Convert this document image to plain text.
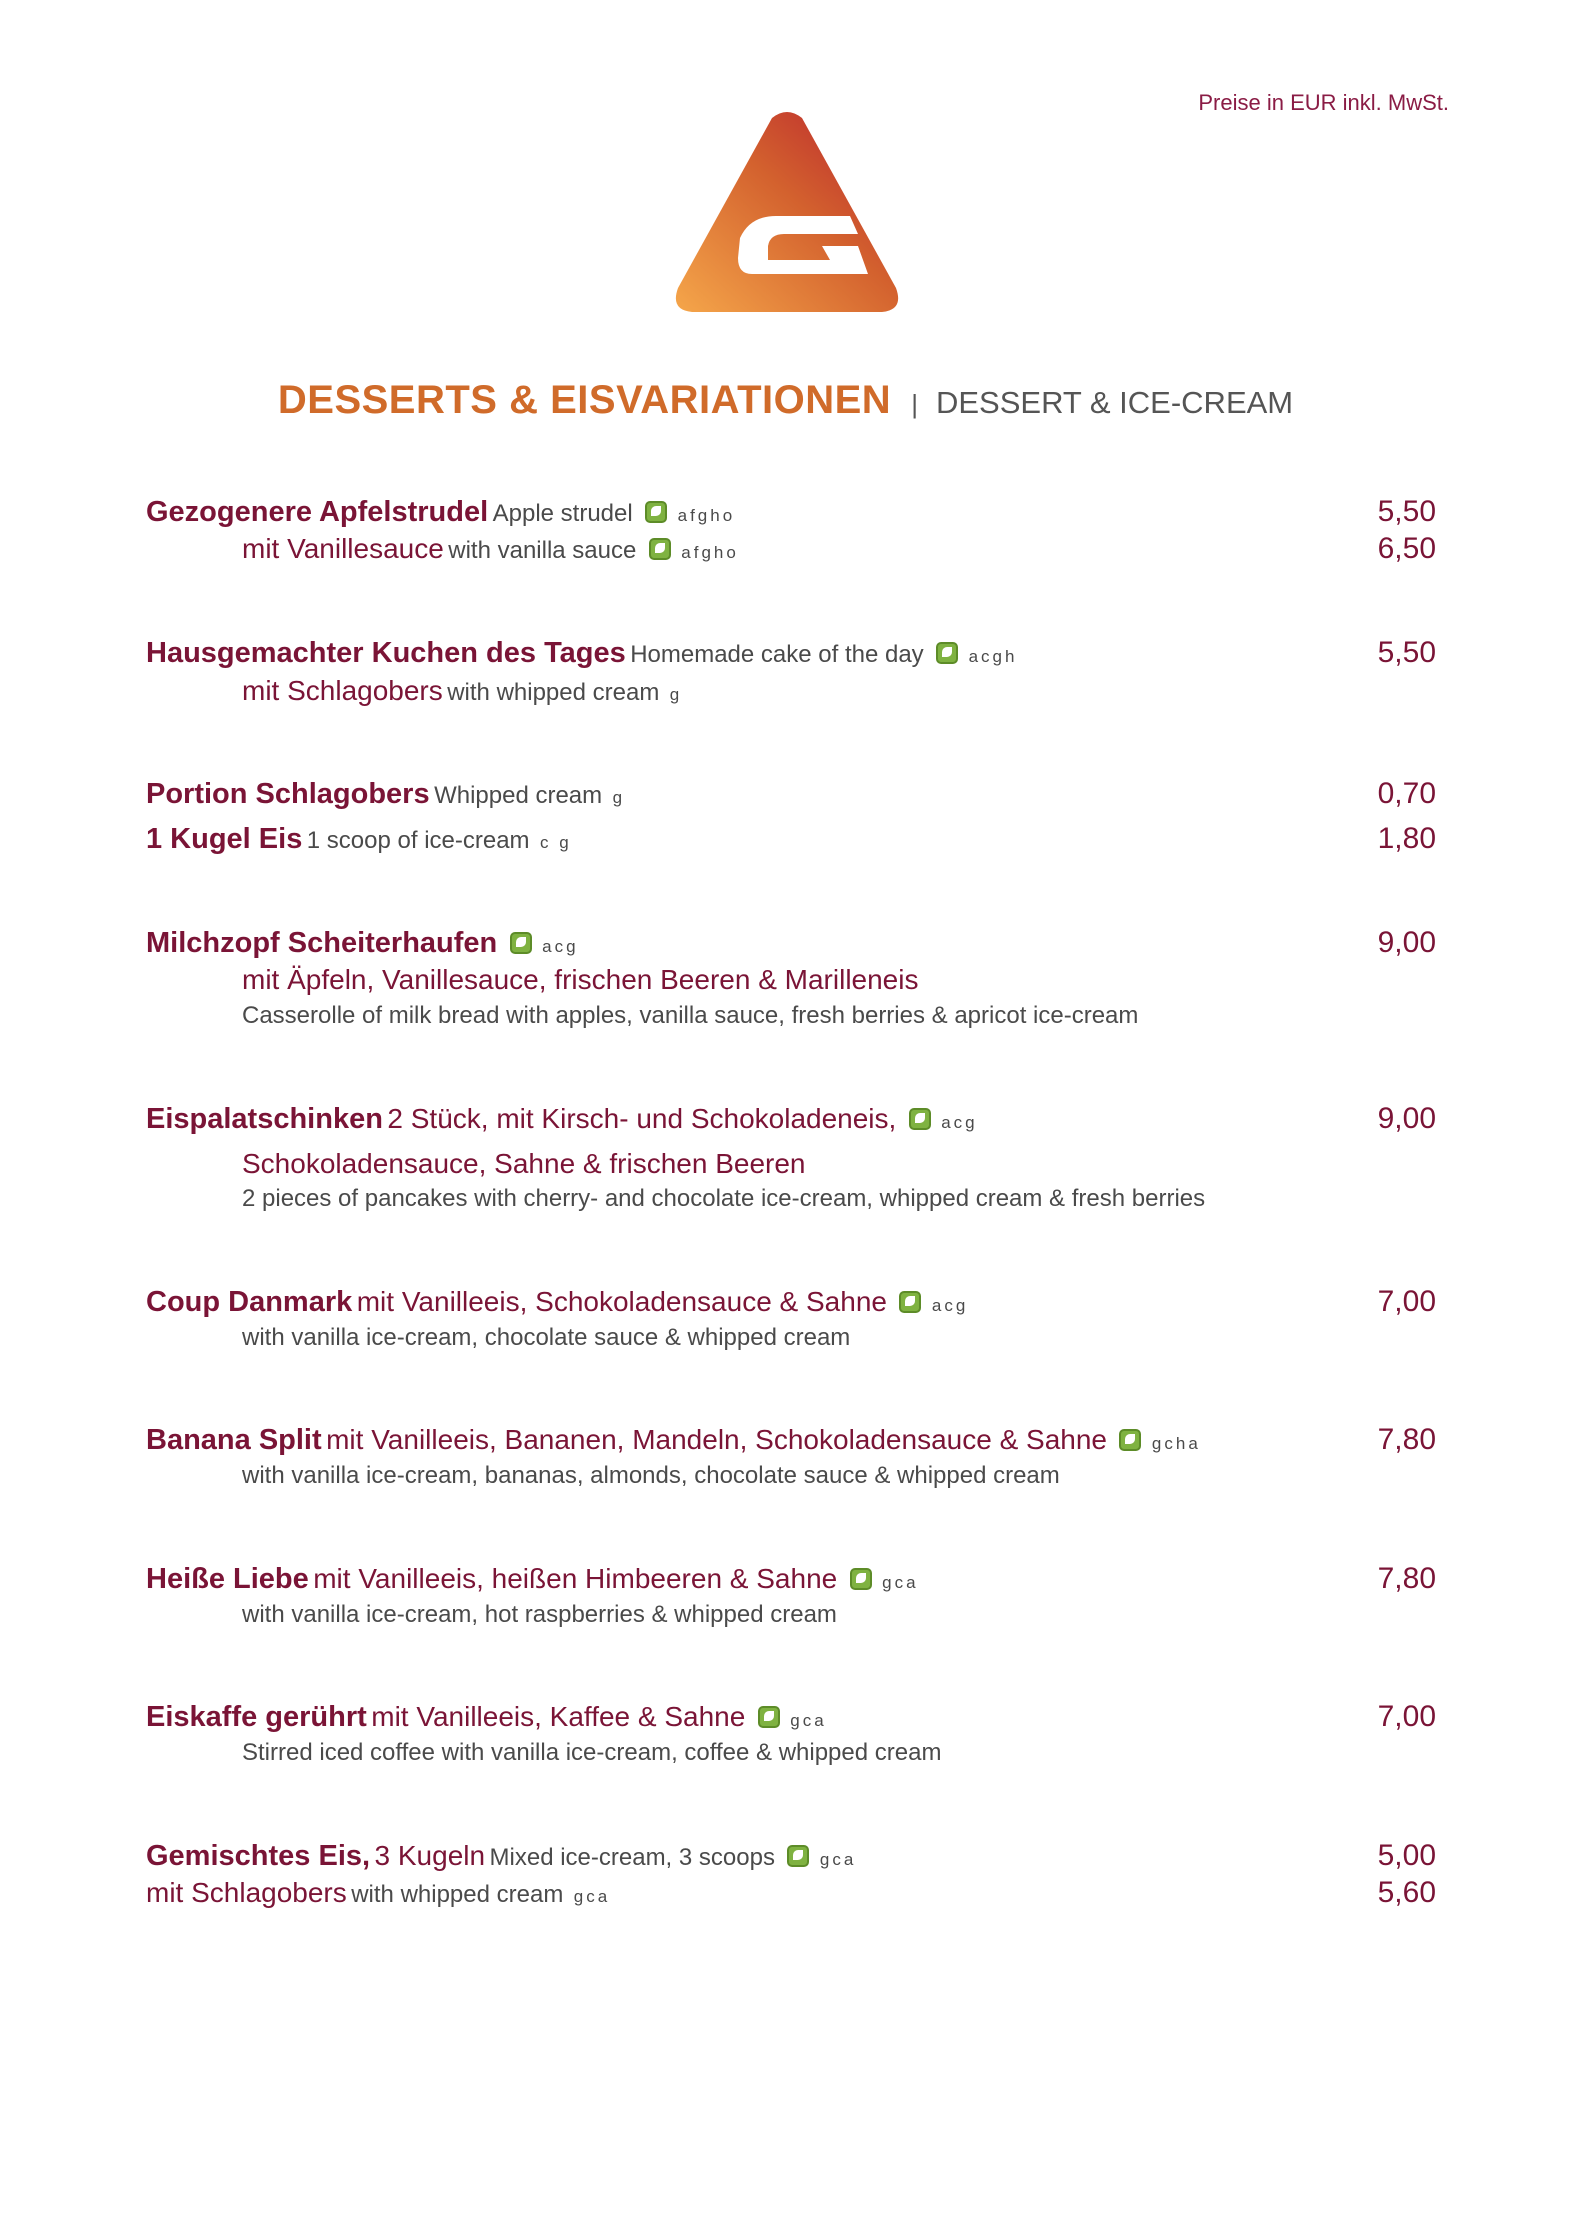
Preise in EUR inkl. MwSt.
DESSERTS & EISVARIATIONEN | DESSERT & ICE-CREAM
Gezogenere Apfelstrudel Apple strudel	afgho	5,50
mit Vanillesauce with vanilla sauce	afgho	6,50
Hausgemachter Kuchen des Tages Homemade cake of the day	acgh	5,50
mit Schlagobers with whipped cream g
Portion Schlagobers Whipped cream g	0,70
1 Kugel Eis 1 scoop of ice-cream c g	1,80
Milchzopf Scheiterhaufen	acg	9,00
mit Äpfeln, Vanillesauce, frischen Beeren & Marilleneis
Casserolle of milk bread with apples, vanilla sauce, fresh berries & apricot ice-cream
Eispalatschinken 2 Stück, mit Kirsch- und Schokoladeneis,	acg	9,00
Schokoladensauce, Sahne & frischen Beeren
2 pieces of pancakes with cherry- and chocolate ice-cream, whipped cream & fresh berries
Coup Danmark mit Vanilleeis, Schokoladensauce & Sahne	acg	7,00
with vanilla ice-cream, chocolate sauce & whipped cream
Banana Split mit Vanilleeis, Bananen, Mandeln, Schokoladensauce & Sahne	gcha	7,80
with vanilla ice-cream, bananas, almonds, chocolate sauce & whipped cream
Heiße Liebe mit Vanilleeis, heißen Himbeeren & Sahne	gca	7,80
with vanilla ice-cream, hot raspberries & whipped cream
Eiskaffe gerührt mit Vanilleeis, Kaffee & Sahne	gca	7,00
Stirred iced coffee with vanilla ice-cream, coffee & whipped cream
Gemischtes Eis, 3 Kugeln Mixed ice-cream, 3 scoops	gca	5,00
mit Schlagobers with whipped cream gca	5,60
